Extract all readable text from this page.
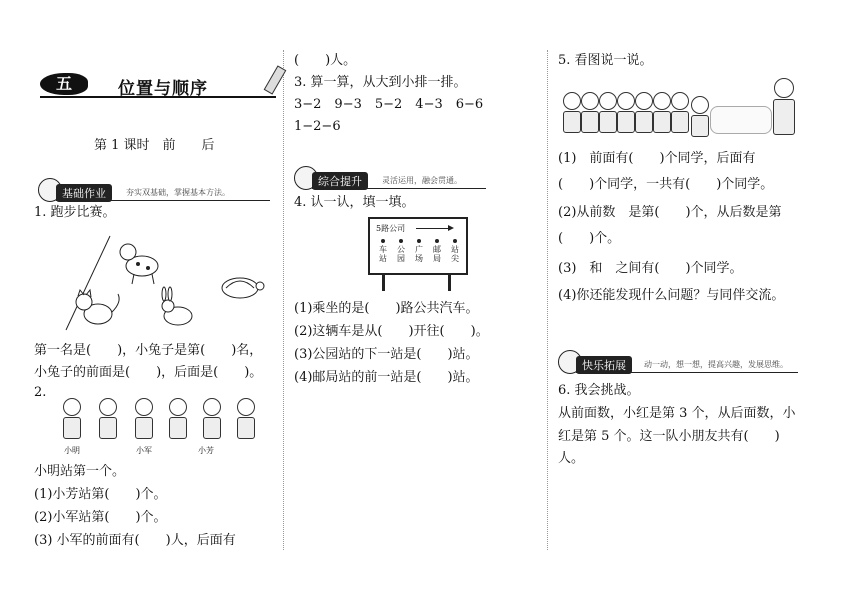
五	位置与顺序
第 1 课时　前　　后
基础作业	夯实双基础，掌握基本方法。
1. 跑步比赛。
第一名是(　　)，小兔子是第(　　)名，
小兔子的前面是(　　)，后面是(　　)。
2.
小明	小军	小芳
小明站第一个。
(1)小芳站第(　　)个。
(2)小军站第(　　)个。
(3) 小军的前面有(　　)人，后面有
(　　)人。
3. 算一算，从大到小排一排。
3−2　9−3　5−2　4−3　6−6
1−2−6
综合提升	灵活运用，融会贯通。
4. 认一认，填一填。
5路公司
车站
公园
广场
邮局
站尖
(1)乘坐的是(　　)路公共汽车。
(2)这辆车是从(　　)开往(　　)。
(3)公园站的下一站是(　　)站。
(4)邮局站的前一站是(　　)站。
5. 看图说一说。
(1)　前面有(　　)个同学，后面有
(　　)个同学，一共有(　　)个同学。
(2)从前数　是第(　　)个，从后数是第
(　　)个。
(3)　和　之间有(　　)个同学。
(4)你还能发现什么问题？与同伴交流。
快乐拓展	动一动，想一想，提高兴趣，发展思维。
6. 我会挑战。
从前面数，小红是第 3 个，从后面数，小
红是第 5 个。这一队小朋友共有(　　)
人。
